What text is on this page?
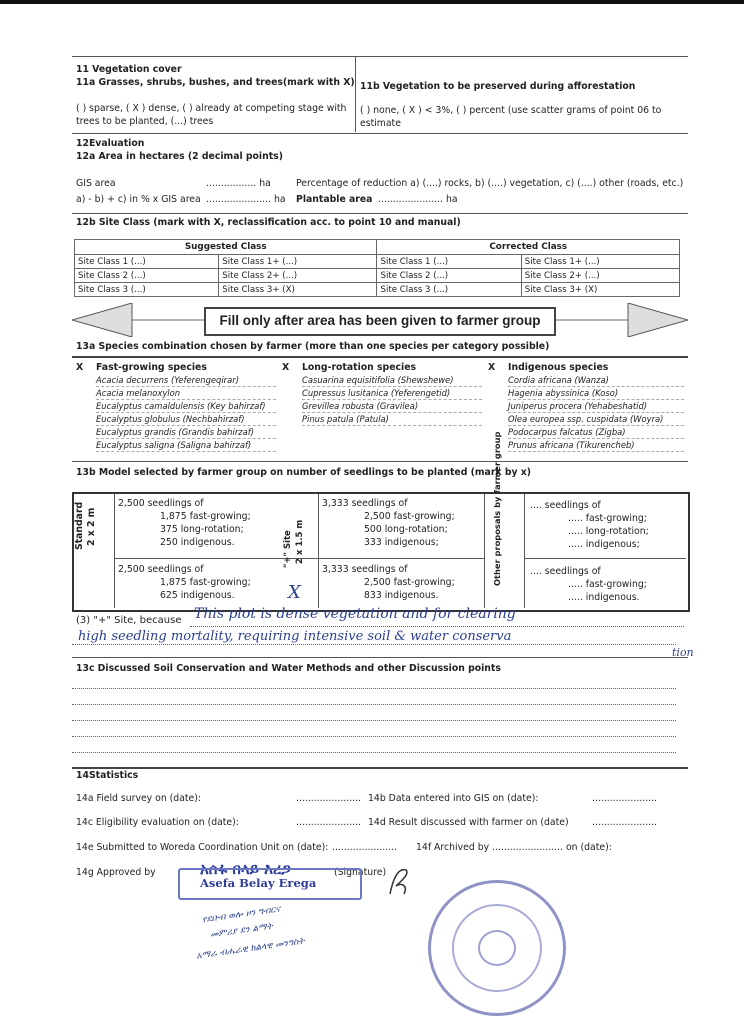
11 Vegetation cover
11a Grasses, shrubs, bushes, and trees(mark with X)
( ) sparse, ( X ) dense, ( ) already at competing stage with
trees to be planted, (...) trees
11b Vegetation to be preserved during afforestation
( ) none, ( X ) < 3%, ( ) percent (use scatter grams of point 06 to
estimate
12Evaluation
12a Area in hectares (2 decimal points)
GIS area	................. ha	Percentage of reduction a) (....) rocks, b) (....) vegetation, c) (....) other (roads, etc.)
a) - b) + c) in % x GIS area ...................... ha Plantable area ...................... ha
12b Site Class (mark with X, reclassification acc. to point 10 and manual)
Suggested Class		Corrected Class	
Site Class 1 (...)	Site Class 1+ (...)	Site Class 1 (...)	Site Class 1+ (...)
Site Class 2 (...)	Site Class 2+ (...)	Site Class 2 (...)	Site Class 2+ (...)
Site Class 3 (...)	Site Class 3+ (X)	Site Class 3 (...)	Site Class 3+ (X)
Fill only after area has been given to farmer group
13a Species combination chosen by farmer (more than one species per category possible)
X Fast-growing species
Acacia decurrens (Yeferengeqirar)
Acacia melanoxylon
Eucalyptus camaldulensis (Key bahirzaf)
Eucalyptus globulus (Nechbahirzaf)
Eucalyptus grandis (Grandis bahirzaf)
Eucalyptus saligna (Saligna bahirzaf)
X Long-rotation species
Casuarina equisitifolia (Shewshewe)
Cupressus lusitanica (Yeferengetid)
Grevillea robusta (Gravilea)
Pinus patula (Patula)
X Indigenous species
Cordia africana (Wanza)
Hagenia abyssinica (Koso)
Juniperus procera (Yehabeshatid)
Olea europea ssp. cuspidata (Woyra)
Podocarpus falcatus (Zigba)
Prunus africana (Tikurencheb)
13b Model selected by farmer group on number of seedlings to be planted (mark by x)
Standard 2 x 2 m
2,500 seedlings of
1,875 fast-growing;
375 long-rotation;
250 indigenous.
2,500 seedlings of
1,875 fast-growing;
625 indigenous.
"+" Site 2 x 1.5 m
X
3,333 seedlings of
2,500 fast-growing;
500 long-rotation;
333 indigenous;
3,333 seedlings of
2,500 fast-growing;
833 indigenous.
Other proposals by farmer group	.... seedlings of
..... fast-growing;
..... long-rotation;
..... indigenous;
.... seedlings of
..... fast-growing;
..... indigenous.
(3) "+" Site, because This plot is dense vegetation and for clearing
high seedling mortality, requiring intensive soil & water conserva
tion
13c Discussed Soil Conservation and Water Methods and other Discussion points
14Statistics
14a Field survey on (date):	...................... 14b Data entered into GIS on (date):	......................
14c Eligibility evaluation on (date):	...................... 14d Result discussed with farmer on (date)	......................
14e Submitted to Woreda Coordination Unit on (date): ...................... 14f Archived by ........................ on (date):
14g Approved by	(Signature)
አሰፋ በላይ እረጋ
Asefa Belay Erega
የደቡብ ወሎ ዞን ግብርና
መምሪያ ደን ልማት
አማራ ብሔራዊ ክልላዊ መንግስት
